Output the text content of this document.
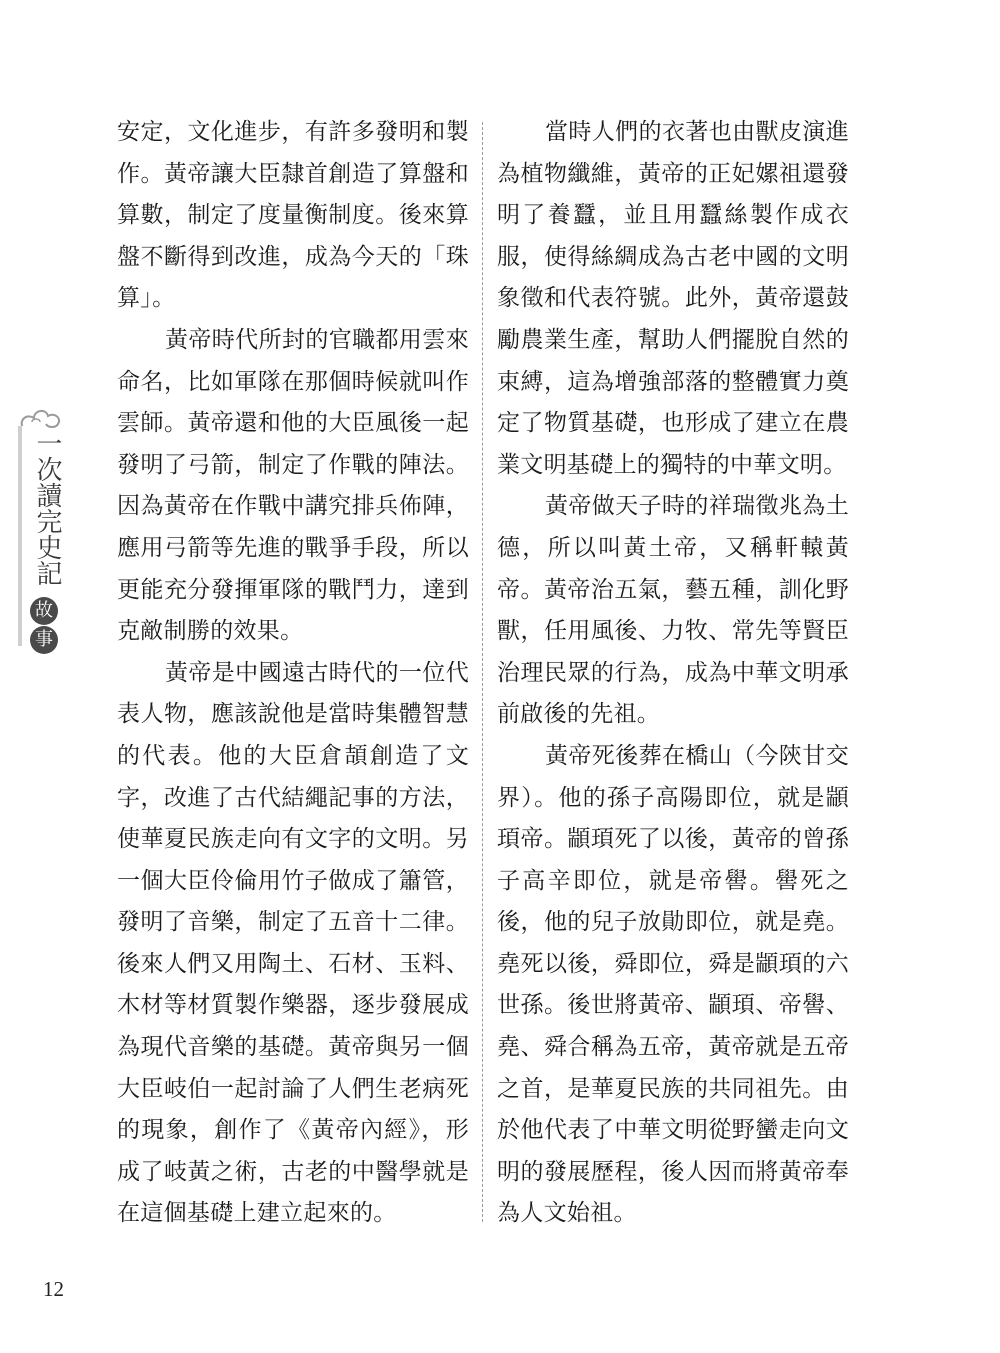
一次讀完史記
故
事

安定，文化進步，有許多發明和製作。黃帝讓大臣隸首創造了算盤和算數，制定了度量衡制度。後來算盤不斷得到改進，成為今天的「珠算」。

黃帝時代所封的官職都用雲來命名，比如軍隊在那個時候就叫作雲師。黃帝還和他的大臣風後一起發明了弓箭，制定了作戰的陣法。因為黃帝在作戰中講究排兵佈陣，應用弓箭等先進的戰爭手段，所以更能充分發揮軍隊的戰鬥力，達到克敵制勝的效果。

黃帝是中國遠古時代的一位代表人物，應該說他是當時集體智慧的代表。他的大臣倉頡創造了文字，改進了古代結繩記事的方法，使華夏民族走向有文字的文明。另一個大臣伶倫用竹子做成了簫管，發明了音樂，制定了五音十二律。後來人們又用陶土、石材、玉料、木材等材質製作樂器，逐步發展成為現代音樂的基礎。黃帝與另一個大臣岐伯一起討論了人們生老病死的現象，創作了《黃帝內經》，形成了岐黃之術，古老的中醫學就是在這個基礎上建立起來的。

當時人們的衣著也由獸皮演進為植物纖維，黃帝的正妃嫘祖還發明了養蠶，並且用蠶絲製作成衣服，使得絲綢成為古老中國的文明象徵和代表符號。此外，黃帝還鼓勵農業生產，幫助人們擺脫自然的束縛，這為增強部落的整體實力奠定了物質基礎，也形成了建立在農業文明基礎上的獨特的中華文明。

黃帝做天子時的祥瑞徵兆為土德，所以叫黃土帝，又稱軒轅黃帝。黃帝治五氣，藝五種，訓化野獸，任用風後、力牧、常先等賢臣治理民眾的行為，成為中華文明承前啟後的先祖。

黃帝死後葬在橋山（今陝甘交界）。他的孫子高陽即位，就是顓頊帝。顓頊死了以後，黃帝的曾孫子高辛即位，就是帝嚳。嚳死之後，他的兒子放勛即位，就是堯。堯死以後，舜即位，舜是顓頊的六世孫。後世將黃帝、顓頊、帝嚳、堯、舜合稱為五帝，黃帝就是五帝之首，是華夏民族的共同祖先。由於他代表了中華文明從野蠻走向文明的發展歷程，後人因而將黃帝奉為人文始祖。

12
